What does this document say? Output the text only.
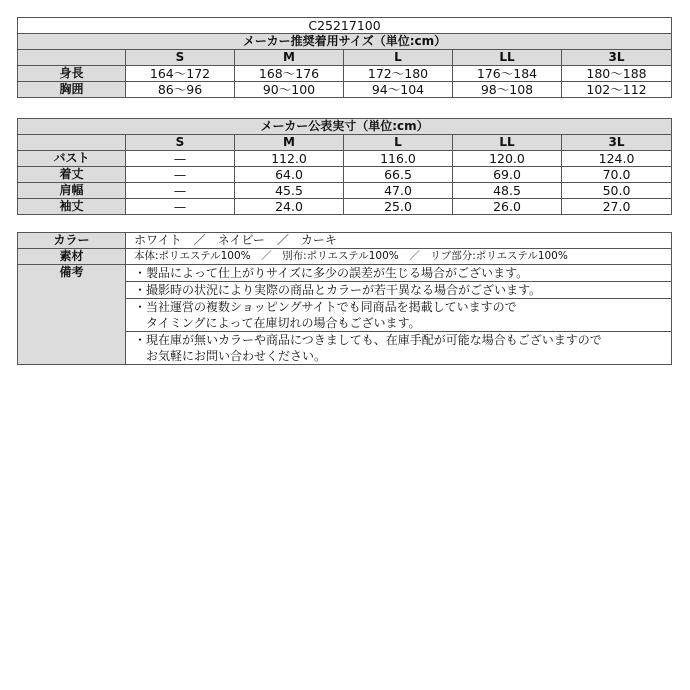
C25217100					
メーカー推奨着用サイズ（単位:cm）					
	S	M	L	LL	3L
身長	164〜172	168〜176	172〜180	176〜184	180〜188
胸囲	86〜96	90〜100	94〜104	98〜108	102〜112
メーカー公表実寸（単位:cm）					
	S	M	L	LL	3L
バスト	—	112.0	116.0	120.0	124.0
着丈	—	64.0	66.5	69.0	70.0
肩幅	—	45.5	47.0	48.5	50.0
袖丈	—	24.0	25.0	26.0	27.0
カラー	ホワイト　／　ネイビー　／　カーキ
素材	本体:ポリエステル100%　／　別布:ポリエステル100%　／　リブ部分:ポリエステル100%
備考	・製品によって仕上がりサイズに多少の誤差が生じる場合がございます。
	・撮影時の状況により実際の商品とカラーが若干異なる場合がございます。

	・当社運営の複数ショッピングサイトでも同商品を掲載していますので
　タイミングによって在庫切れの場合もございます。

	・現在庫が無いカラーや商品につきましても、在庫手配が可能な場合もございますので
　お気軽にお問い合わせください。
